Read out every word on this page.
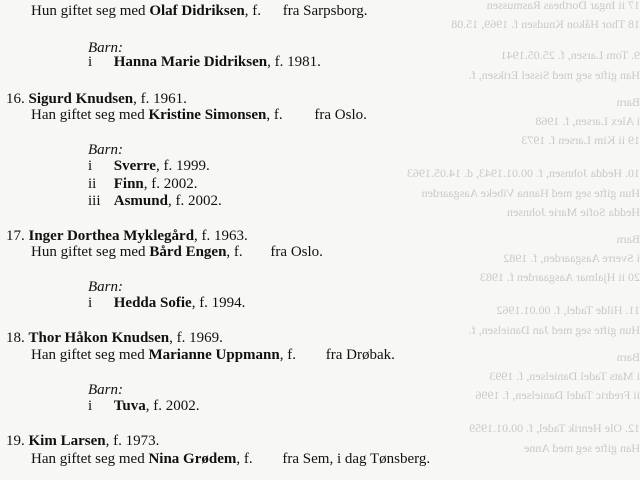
17 ii Ingar Dortheas Rasmussen
18 Thor Håkon Knudsen f. 1969, 15.08
9. Tom Larsen, f. 25.05.1941
Han gifte seg med Sissel Eriksen, f.
Barn
i Alex Larsen, f. 1968
19 ii Kim Larsen f. 1973
10. Hedda Johnsen, f. 00.01.1943, d. 14.05.1963
Hun gifte seg med Hanna Vibeke Aasgaarden
Hedda Sofie Marie Johnsen
Barn
i Sverre Aasgaarden, f. 1982
20 ii Hjalmar Aasgaarden f. 1983
11. Hilde Tadel, f. 00.01.1962
Hun gifte seg med Jan Danielsen, f.
Barn
i Mats Tadel Danielsen, f. 1993
ii Fredric Tadel Danielsen, f. 1996
12. Ole Henrik Tadel, f. 00.01.1959
Han gifte seg med Anne
Hun giftet seg med Olaf Didriksen, f. fra Sarpsborg.
Barn:
i Hanna Marie Didriksen, f. 1981.
16. Sigurd Knudsen, f. 1961.
Han giftet seg med Kristine Simonsen, f. fra Oslo.
Barn:
i Sverre, f. 1999.
ii Finn, f. 2002.
iii Asmund, f. 2002.
17. Inger Dorthea Myklegård, f. 1963.
Hun giftet seg med Bård Engen, f. fra Oslo.
Barn:
i Hedda Sofie, f. 1994.
18. Thor Håkon Knudsen, f. 1969.
Han giftet seg med Marianne Uppmann, f. fra Drøbak.
Barn:
i Tuva, f. 2002.
19. Kim Larsen, f. 1973.
Han giftet seg med Nina Grødem, f. fra Sem, i dag Tønsberg.
